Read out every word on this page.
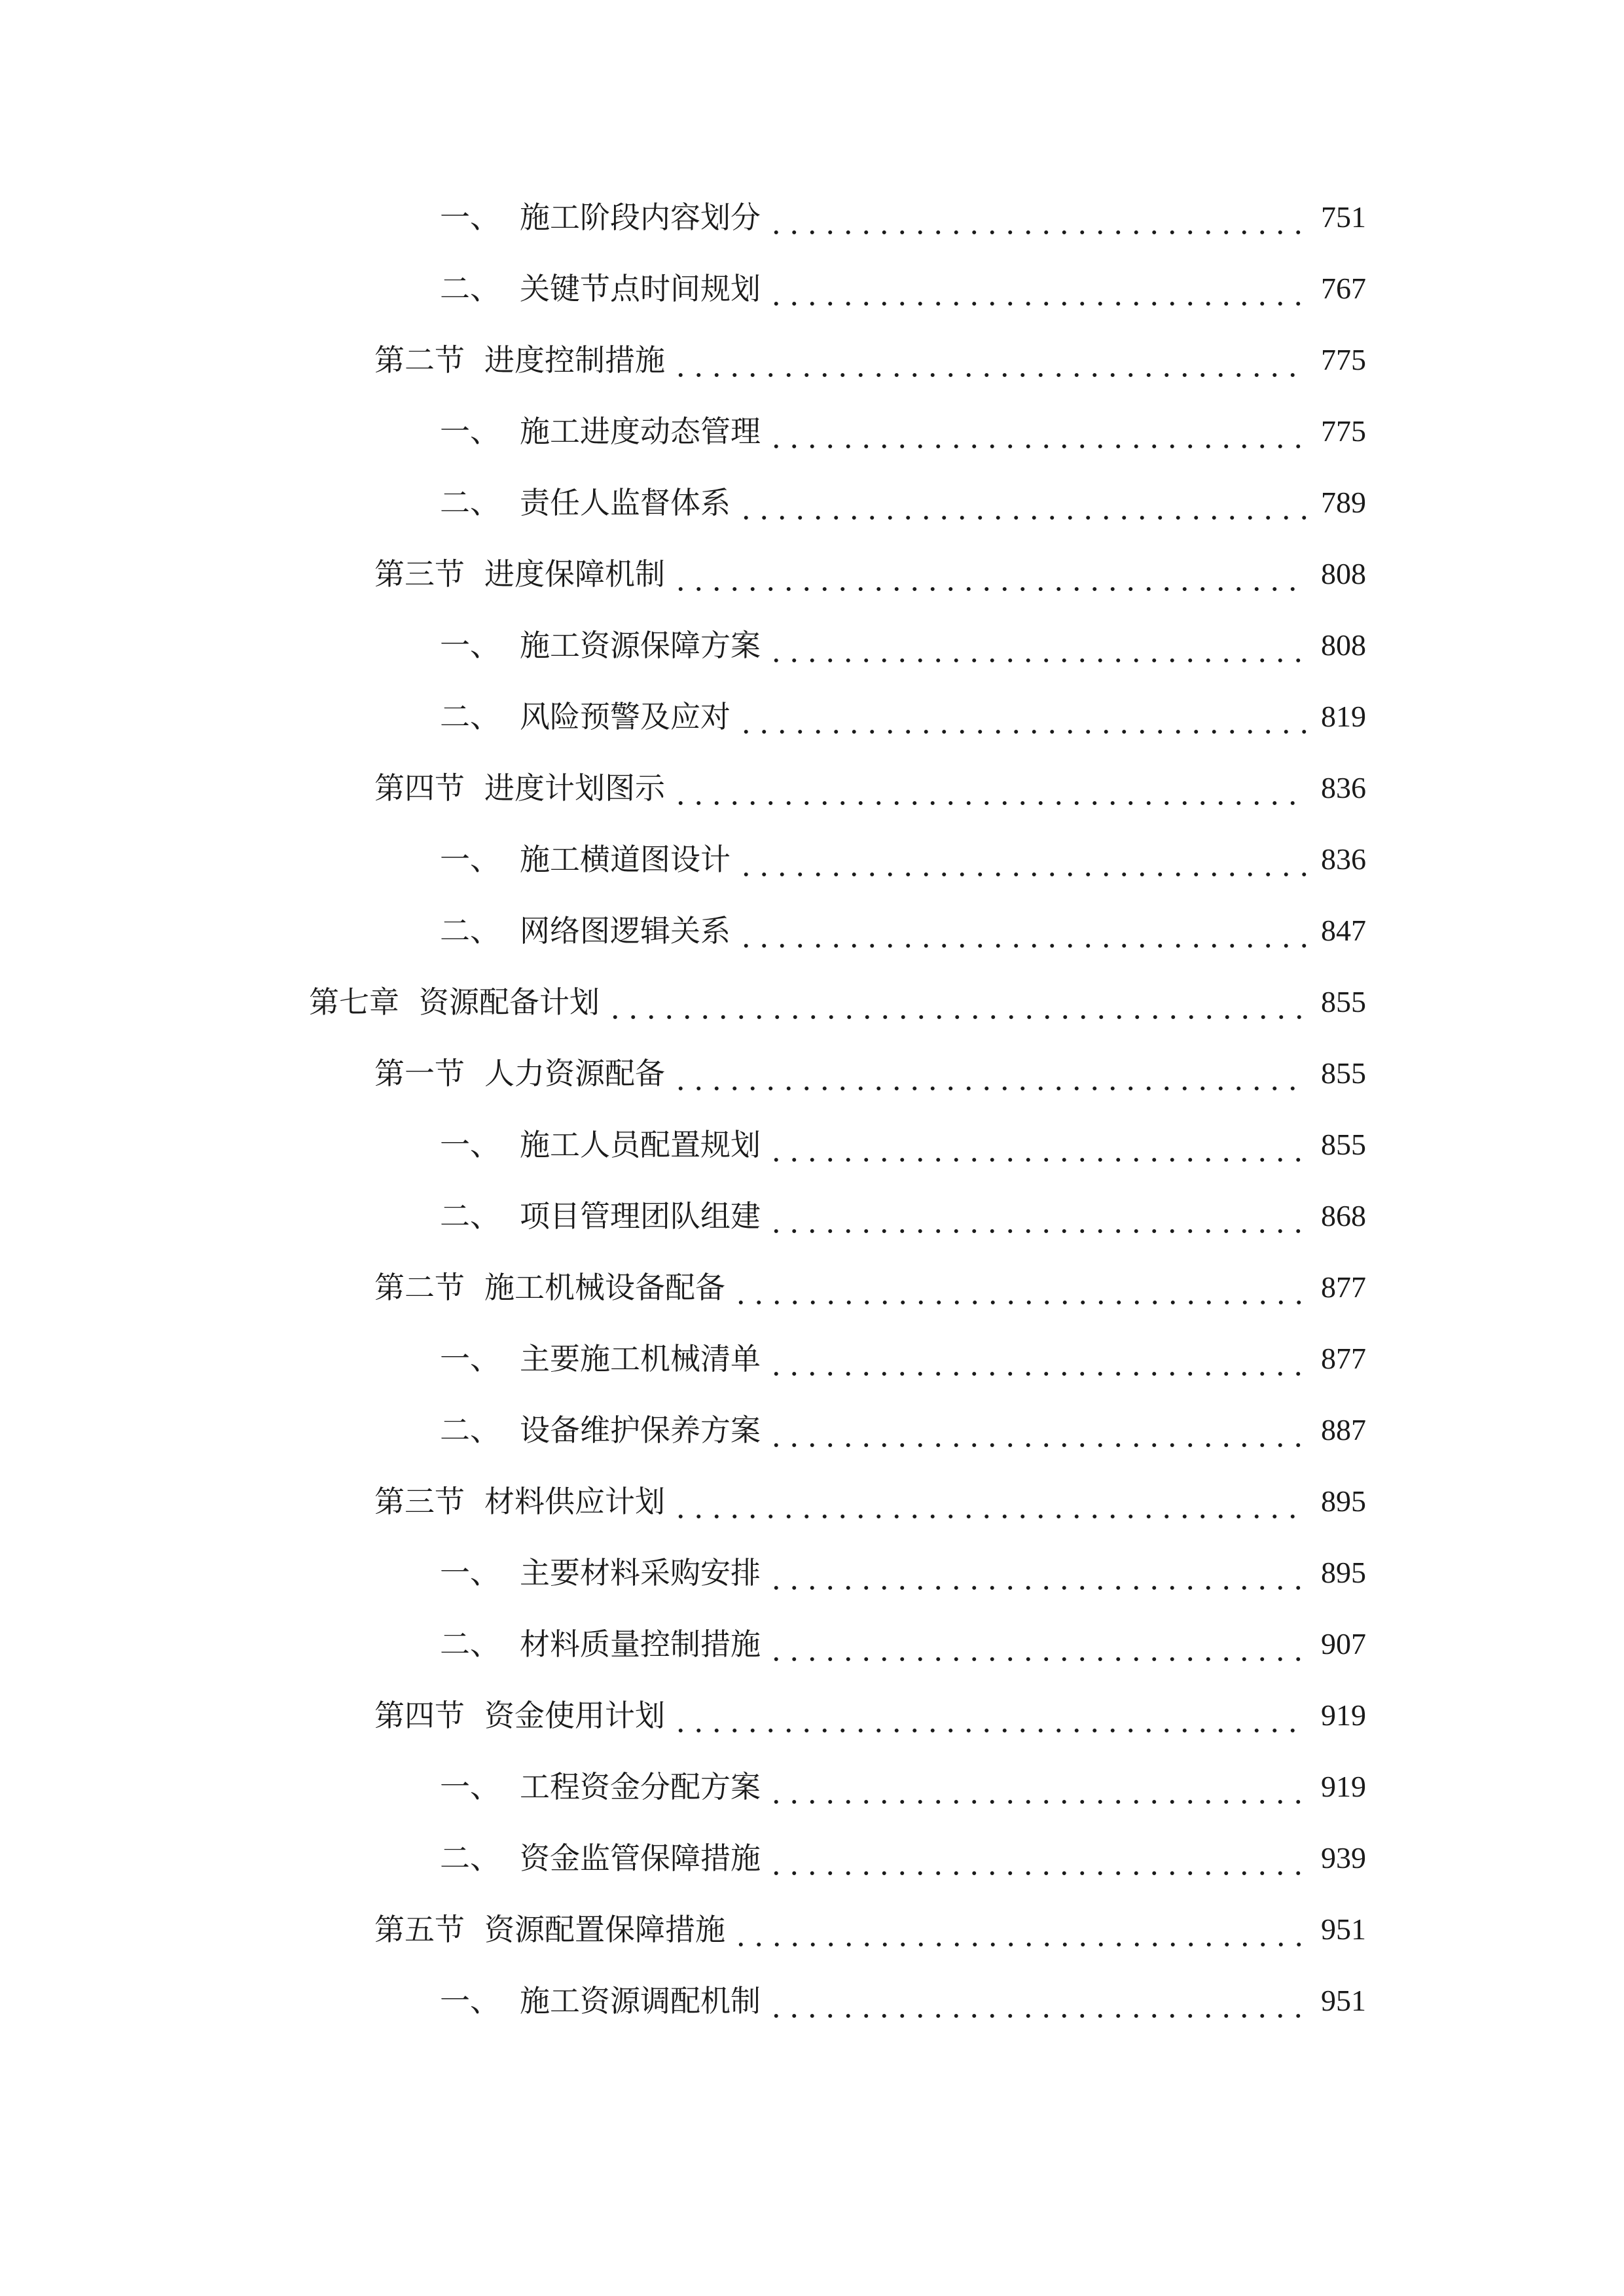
一、 施工阶段内容划分	751
二、 关键节点时间规划	767
第二节 进度控制措施	775
一、 施工进度动态管理	775
二、 责任人监督体系	789
第三节 进度保障机制	808
一、 施工资源保障方案	808
二、 风险预警及应对	819
第四节 进度计划图示	836
一、 施工横道图设计	836
二、 网络图逻辑关系	847
第七章 资源配备计划	855
第一节 人力资源配备	855
一、 施工人员配置规划	855
二、 项目管理团队组建	868
第二节 施工机械设备配备	877
一、 主要施工机械清单	877
二、 设备维护保养方案	887
第三节 材料供应计划	895
一、 主要材料采购安排	895
二、 材料质量控制措施	907
第四节 资金使用计划	919
一、 工程资金分配方案	919
二、 资金监管保障措施	939
第五节 资源配置保障措施	951
一、 施工资源调配机制	951
